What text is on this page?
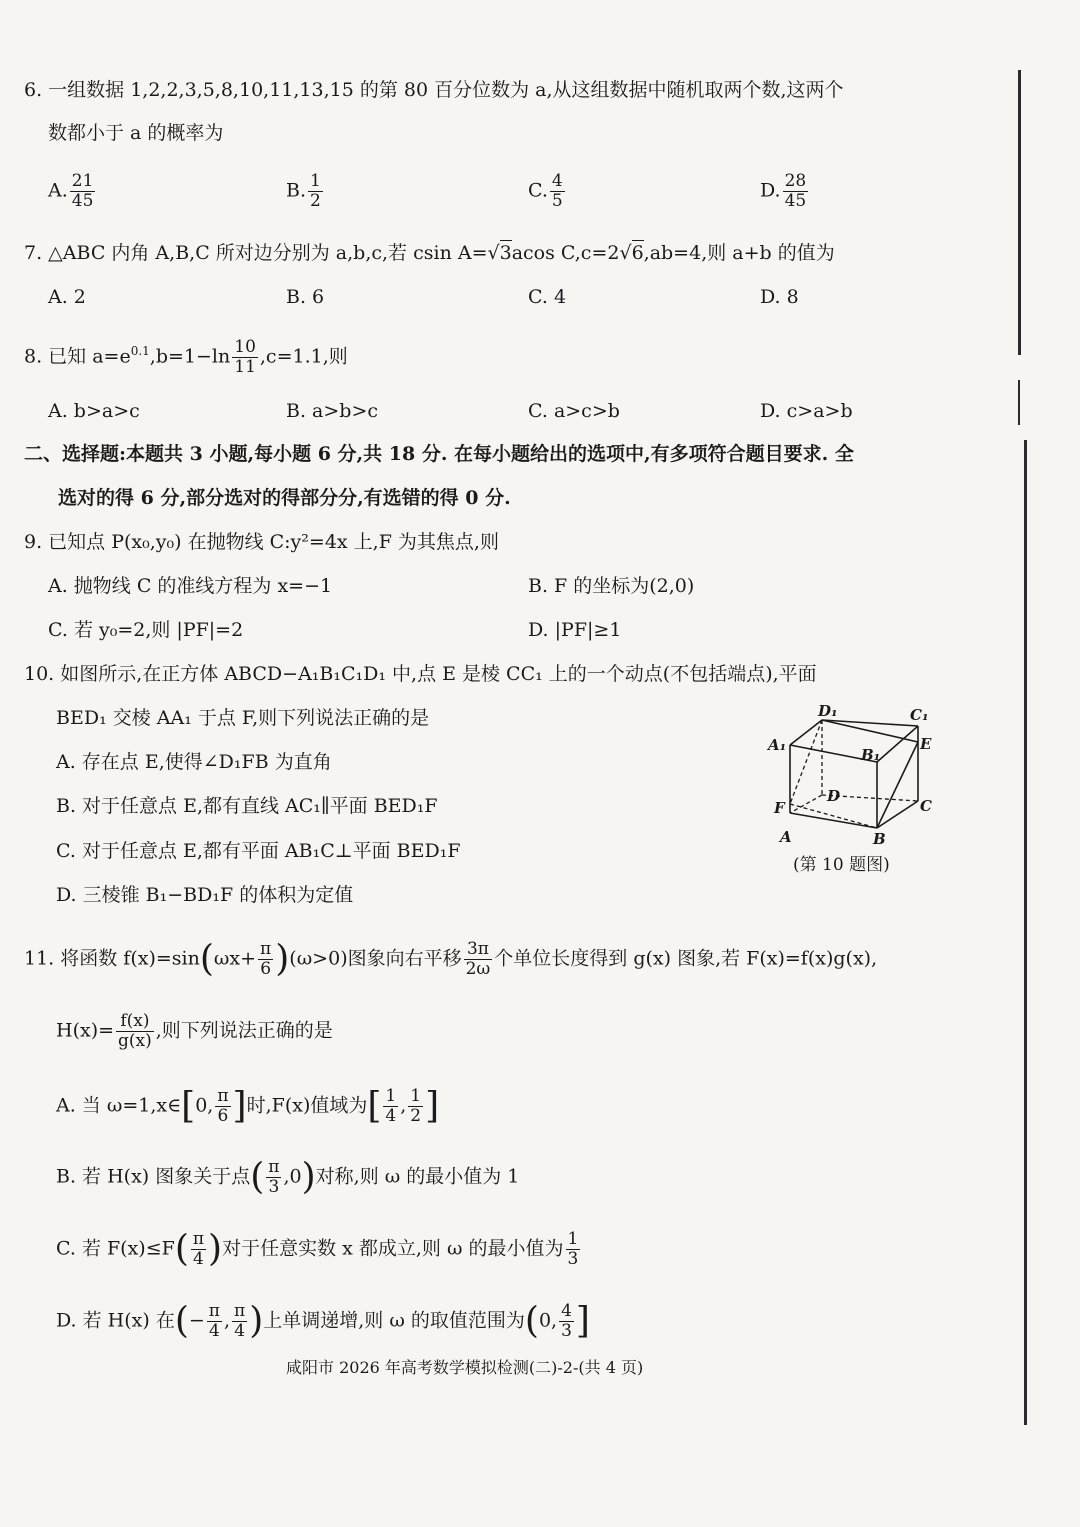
6. 一组数据 1,2,2,3,5,8,10,11,13,15 的第 80 百分位数为 a,从这组数据中随机取两个数,这两个
数都小于 a 的概率为
A. $\frac{21}{45}$	B. $\frac{1}{2}$	C. $\frac{4}{5}$	D. $\frac{28}{45}$
7. △ABC 内角 A,B,C 所对边分别为 a,b,c,若 csin A=√3acos C,c=2√6,ab=4,则 a+b 的值为
A. 2	B. 6	C. 4	D. 8
8. 已知 $a=e^{0.1},b=1-\ln \frac{10}{11} ,c=1.1$,则
A. b>a>c	B. a>b>c	C. a>c>b	D. c>a>b
二、选择题:本题共 3 小题,每小题 6 分,共 18 分. 在每小题给出的选项中,有多项符合题目要求. 全
选对的得 6 分,部分选对的得部分分,有选错的得 0 分.
9. 已知点 P(x₀,y₀) 在抛物线 C:y²=4x 上,F 为其焦点,则
A. 抛物线 C 的准线方程为 x=−1	B. F 的坐标为(2,0)
C. 若 y₀=2,则 |PF|=2	D. |PF|≥1
10. 如图所示,在正方体 ABCD−A₁B₁C₁D₁ 中,点 E 是棱 CC₁ 上的一个动点(不包括端点),平面
BED₁ 交棱 AA₁ 于点 F,则下列说法正确的是
A. 存在点 E,使得∠D₁FB 为直角
B. 对于任意点 E,都有直线 AC₁∥平面 BED₁F
C. 对于任意点 E,都有平面 AB₁C⊥平面 BED₁F
D. 三棱锥 B₁−BD₁F 的体积为定值
D₁	C₁
A₁
B₁
E
D
C
F
A	B
(第 10 题图)
11. 将函数 $f(x)=\sin(\omega x+ \frac{\pi}{6} )(\omega>0)$图象向右平移 $\frac{3\pi}{2\omega}$ 个单位长度得到 g(x) 图象,若 F(x)=f(x)g(x),
$H(x)= \frac{f(x)}{g(x)}$ ,则下列说法正确的是
A. 当 ω=1,x∈[0, $\frac{\pi}{6}$ ]时,F(x)值域为[ $\frac{1}{4}$ , $\frac{1}{2}$ ]
B. 若 H(x) 图象关于点( $\frac{\pi}{3} ,0$)对称,则 ω 的最小值为 1
C. 若 $F(x)\le F( \frac{\pi}{4}$ )对于任意实数 x 都成立,则 ω 的最小值为 $\frac{1}{3}$
D. 若 H(x) 在(− $\frac{\pi}{4}$ , $\frac{\pi}{4}$ )上单调递增,则 ω 的取值范围为(0, $\frac{4}{3}$ ]
咸阳市 2026 年高考数学模拟检测(二)-2-(共 4 页)
